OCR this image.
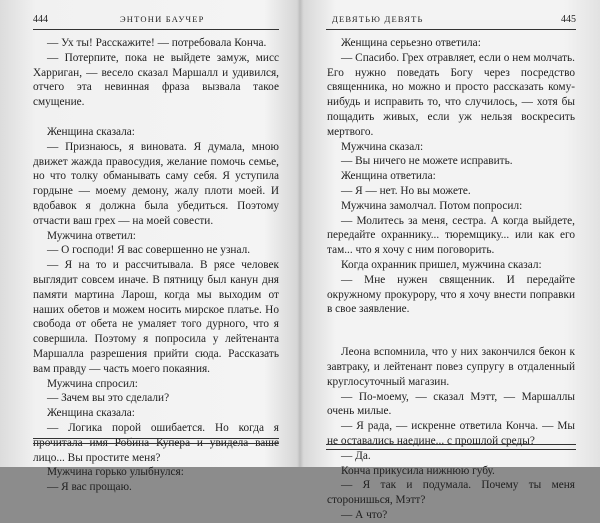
444	ЭНТОНИ БАУЧЕР

— Ух ты! Расскажите! — потребовала Конча.

— Потерпите, пока не выйдете замуж, мисс Харриган, — весело сказал Маршалл и удивился, отчего эта невинная фраза вызвала такое смущение.

Женщина сказала:

— Признаюсь, я виновата. Я думала, мною движет жажда правосудия, желание помочь семье, но что толку обманывать саму себя. Я уступила гордыне — моему демону, жалу плоти моей. И вдобавок я должна была убедиться. Поэтому отчасти ваш грех — на моей совести.

Мужчина ответил:

— О господи! Я вас совершенно не узнал.

— Я на то и рассчитывала. В рясе человек выглядит совсем иначе. В пятницу был канун дня памяти мартина Ларош, когда мы выходим от наших обетов и можем носить мирское платье. Но свобода от обета не умаляет того дурного, что я совершила. Поэтому я попросила у лейтенанта Маршалла разрешения прийти сюда. Рассказать вам правду — часть моего покаяния.

Мужчина спросил:

— Зачем вы это сделали?

Женщина сказала:

— Логика порой ошибается. Но когда я прочитала имя Робина Купера и увидела ваше лицо... Вы простите меня?

Мужчина горько улыбнулся:

— Я вас прощаю.

ДЕВЯТЬЮ ДЕВЯТЬ	445

Женщина серьезно ответила:

— Спасибо. Грех отравляет, если о нем молчать. Его нужно поведать Богу через посредство священника, но можно и просто рассказать кому-нибудь и исправить то, что случилось, — хотя бы пощадить живых, если уж нельзя воскресить мертвого.

Мужчина сказал:

— Вы ничего не можете исправить.

Женщина ответила:

— Я — нет. Но вы можете.

Мужчина замолчал. Потом попросил:

— Молитесь за меня, сестра. А когда выйдете, передайте охраннику... тюремщику... или как его там... что я хочу с ним поговорить.

Когда охранник пришел, мужчина сказал:

— Мне нужен священник. И передайте окружному прокурору, что я хочу внести поправки в свое заявление.

Леона вспомнила, что у них закончился бекон к завтраку, и лейтенант повез супругу в отдаленный круглосуточный магазин.

— По-моему, — сказал Мэтт, — Маршаллы очень милые.

— Я рада, — искренне ответила Конча. — Мы не оставались наедине... с прошлой среды?

— Да.

Конча прикусила нижнюю губу.

— Я так и подумала. Почему ты меня сторонишься, Мэтт?

— А что?
